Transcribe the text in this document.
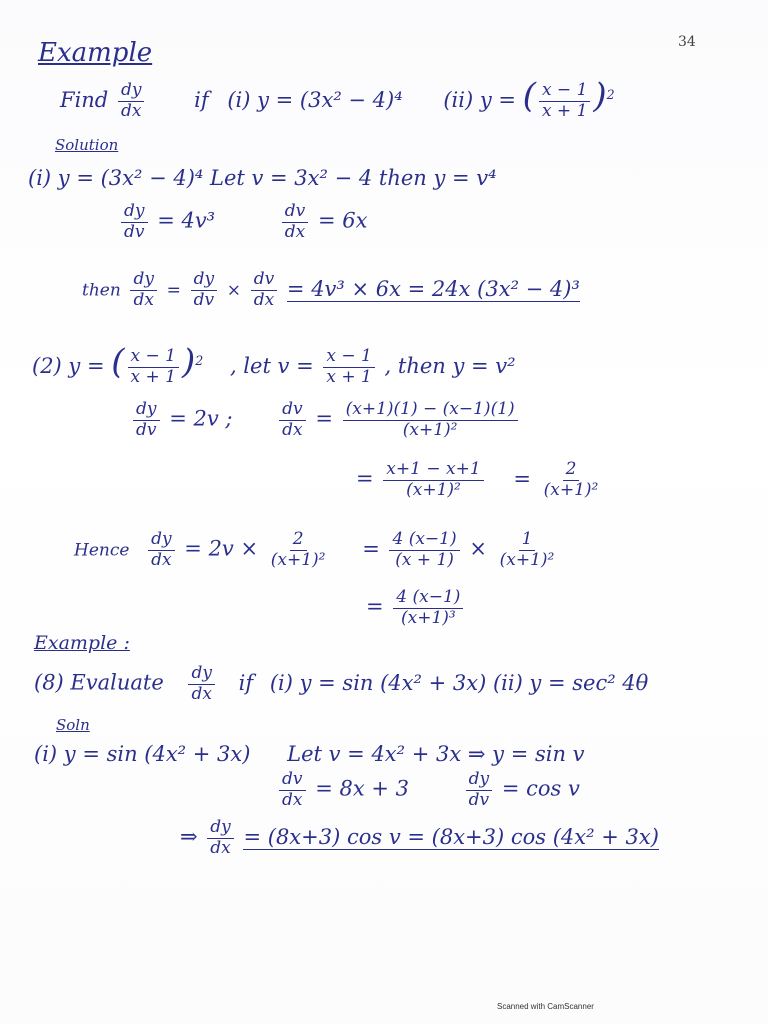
34
Example
Find $\frac{dy}{dx}$ if (i) y = (3x² − 4)⁴ (ii) y = ( $\frac{x - 1}{x + 1} )^2$
Solution
(i) y = (3x² − 4)⁴ Let v = 3x² − 4 then y = v⁴
$\frac{dy}{dv} = 4v^3$	$\frac{dv}{dx} = 6x$
then $\frac{dy}{dx} = \frac{dy}{dv} \times \frac{dv}{dx} = 4v^3 \times 6x = 24x$ (3x² − 4)³
(2) y = ( $\frac{x - 1}{x + 1} )^2$ , let $v = \frac{x - 1}{x + 1}$ , then y = v²
$\frac{dy}{dv} = 2v$ ;	$\frac{dv}{dx} = \frac{(x+1)(1) - (x-1)(1)}{\text{(x+1)²}}$
= $\frac{x+1 - x+1}{\text{(x+1)²}} = \frac{2}{\text{(x+1)²}}$
Hence $\frac{dy}{dx} = 2v \times \frac{2}{\text{(x+1)²}} = \frac{4 (x-1)}{(x + 1)} \times \frac{1}{\text{(x+1)²}}$
= $\frac{4 (x-1)}{\text{(x+1)³}}$
Example :
(8) Evaluate $\frac{dy}{dx}$ if (i) y = sin (4x² + 3x) (ii) y = sec² 4θ
Soln
(i) y = sin (4x² + 3x) Let v = 4x² + 3x ⇒ y = sin v
$\frac{dv}{dx} = 8x + 3$	$\frac{dy}{dv} = \cos v$
⇒ $\frac{dy}{dx} = (8x+3)$ cos v = (8x+3) cos (4x² + 3x)
Scanned with CamScanner
